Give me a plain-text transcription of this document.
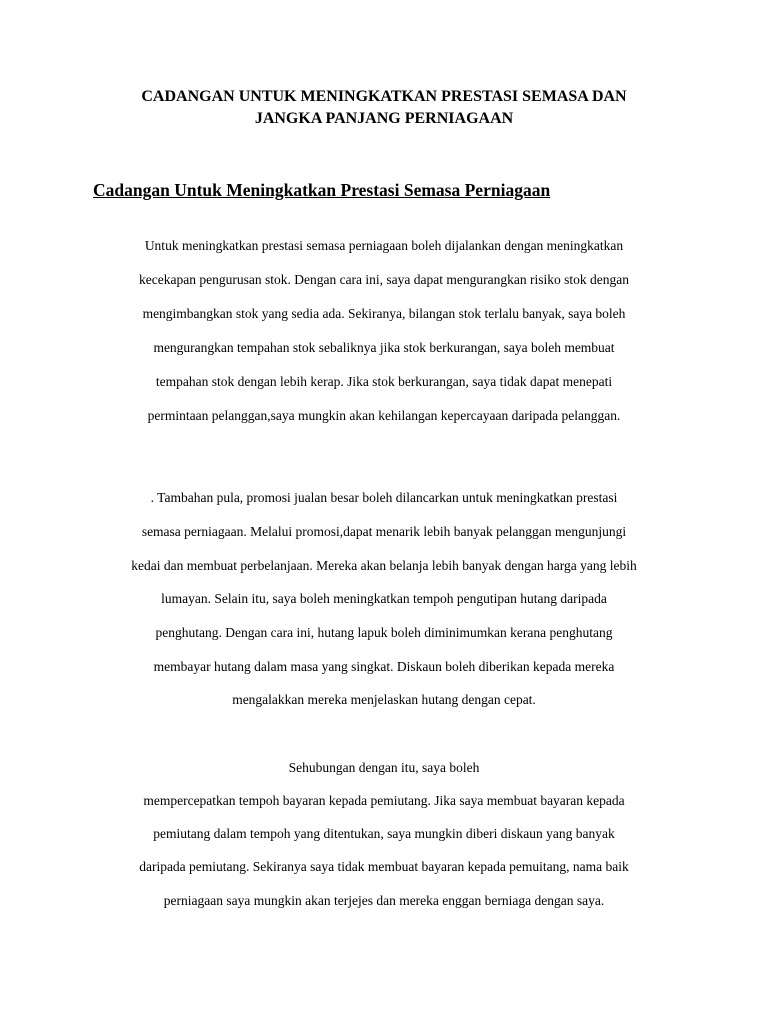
CADANGAN UNTUK MENINGKATKAN PRESTASI SEMASA DAN
JANGKA PANJANG PERNIAGAAN
Cadangan Untuk Meningkatkan Prestasi Semasa Perniagaan
Untuk meningkatkan prestasi semasa perniagaan boleh dijalankan dengan meningkatkan
kecekapan pengurusan stok. Dengan cara ini, saya dapat mengurangkan risiko stok dengan
mengimbangkan stok yang sedia ada. Sekiranya, bilangan stok terlalu banyak, saya boleh
mengurangkan tempahan stok sebaliknya jika stok berkurangan, saya boleh membuat
tempahan stok dengan lebih kerap. Jika stok berkurangan, saya tidak dapat menepati
permintaan pelanggan,saya mungkin akan kehilangan kepercayaan daripada pelanggan.
. Tambahan pula, promosi jualan besar boleh dilancarkan untuk meningkatkan prestasi
semasa perniagaan. Melalui promosi,dapat menarik lebih banyak pelanggan mengunjungi
kedai dan membuat perbelanjaan. Mereka akan belanja lebih banyak dengan harga yang lebih
lumayan. Selain itu, saya boleh meningkatkan tempoh pengutipan hutang daripada
penghutang. Dengan cara ini, hutang lapuk boleh diminimumkan kerana penghutang
membayar hutang dalam masa yang singkat. Diskaun boleh diberikan kepada mereka
mengalakkan mereka menjelaskan hutang dengan cepat.
Sehubungan dengan itu, saya boleh
mempercepatkan tempoh bayaran kepada pemiutang. Jika saya membuat bayaran kepada
pemiutang dalam tempoh yang ditentukan, saya mungkin diberi diskaun yang banyak
daripada pemiutang. Sekiranya saya tidak membuat bayaran kepada pemuitang, nama baik
perniagaan saya mungkin akan terjejes dan mereka enggan berniaga dengan saya.
